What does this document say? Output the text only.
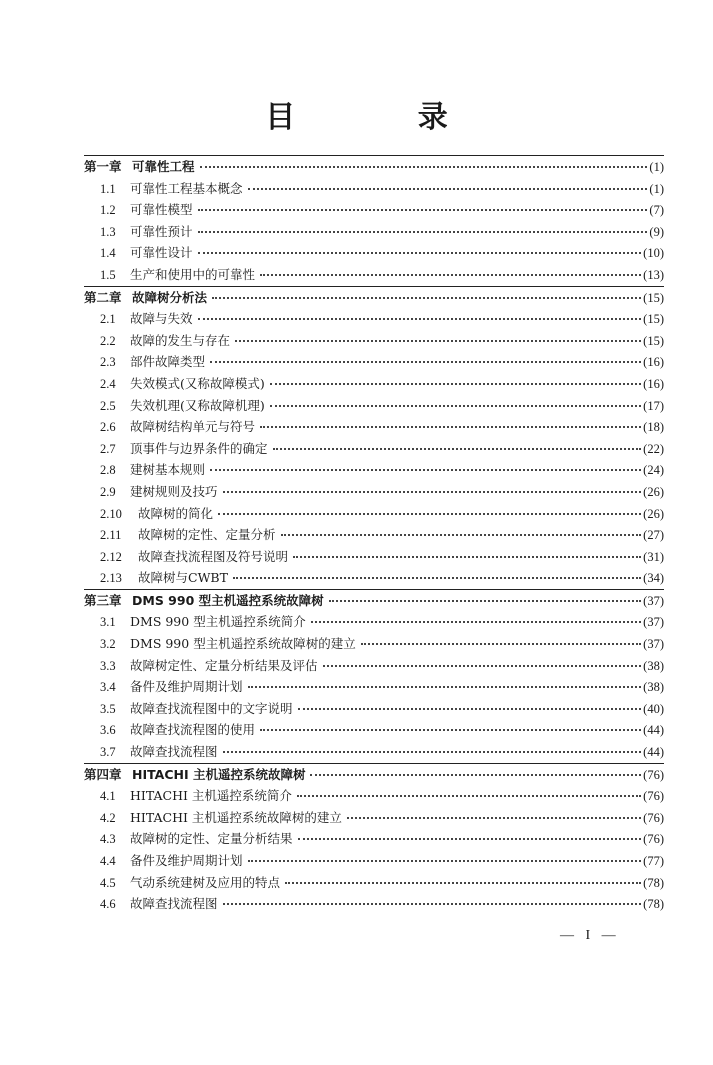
目 录
第一章 可靠性工程	(1)
1.1	可靠性工程基本概念	(1)
1.2	可靠性模型	(7)
1.3	可靠性预计	(9)
1.4	可靠性设计	(10)
1.5	生产和使用中的可靠性	(13)
第二章 故障树分析法	(15)
2.1	故障与失效	(15)
2.2	故障的发生与存在	(15)
2.3	部件故障类型	(16)
2.4	失效模式(又称故障模式)	(16)
2.5	失效机理(又称故障机理)	(17)
2.6	故障树结构单元与符号	(18)
2.7	顶事件与边界条件的确定	(22)
2.8	建树基本规则	(24)
2.9	建树规则及技巧	(26)
2.10	故障树的简化	(26)
2.11	故障树的定性、定量分析	(27)
2.12	故障查找流程图及符号说明	(31)
2.13	故障树与CWBT	(34)
第三章 DMS 990 型主机遥控系统故障树	(37)
3.1	DMS 990 型主机遥控系统简介	(37)
3.2	DMS 990 型主机遥控系统故障树的建立	(37)
3.3	故障树定性、定量分析结果及评估	(38)
3.4	备件及维护周期计划	(38)
3.5	故障查找流程图中的文字说明	(40)
3.6	故障查找流程图的使用	(44)
3.7	故障查找流程图	(44)
第四章 HITACHI 主机遥控系统故障树	(76)
4.1	HITACHI 主机遥控系统简介	(76)
4.2	HITACHI 主机遥控系统故障树的建立	(76)
4.3	故障树的定性、定量分析结果	(76)
4.4	备件及维护周期计划	(77)
4.5	气动系统建树及应用的特点	(78)
4.6	故障查找流程图	(78)
— I —
